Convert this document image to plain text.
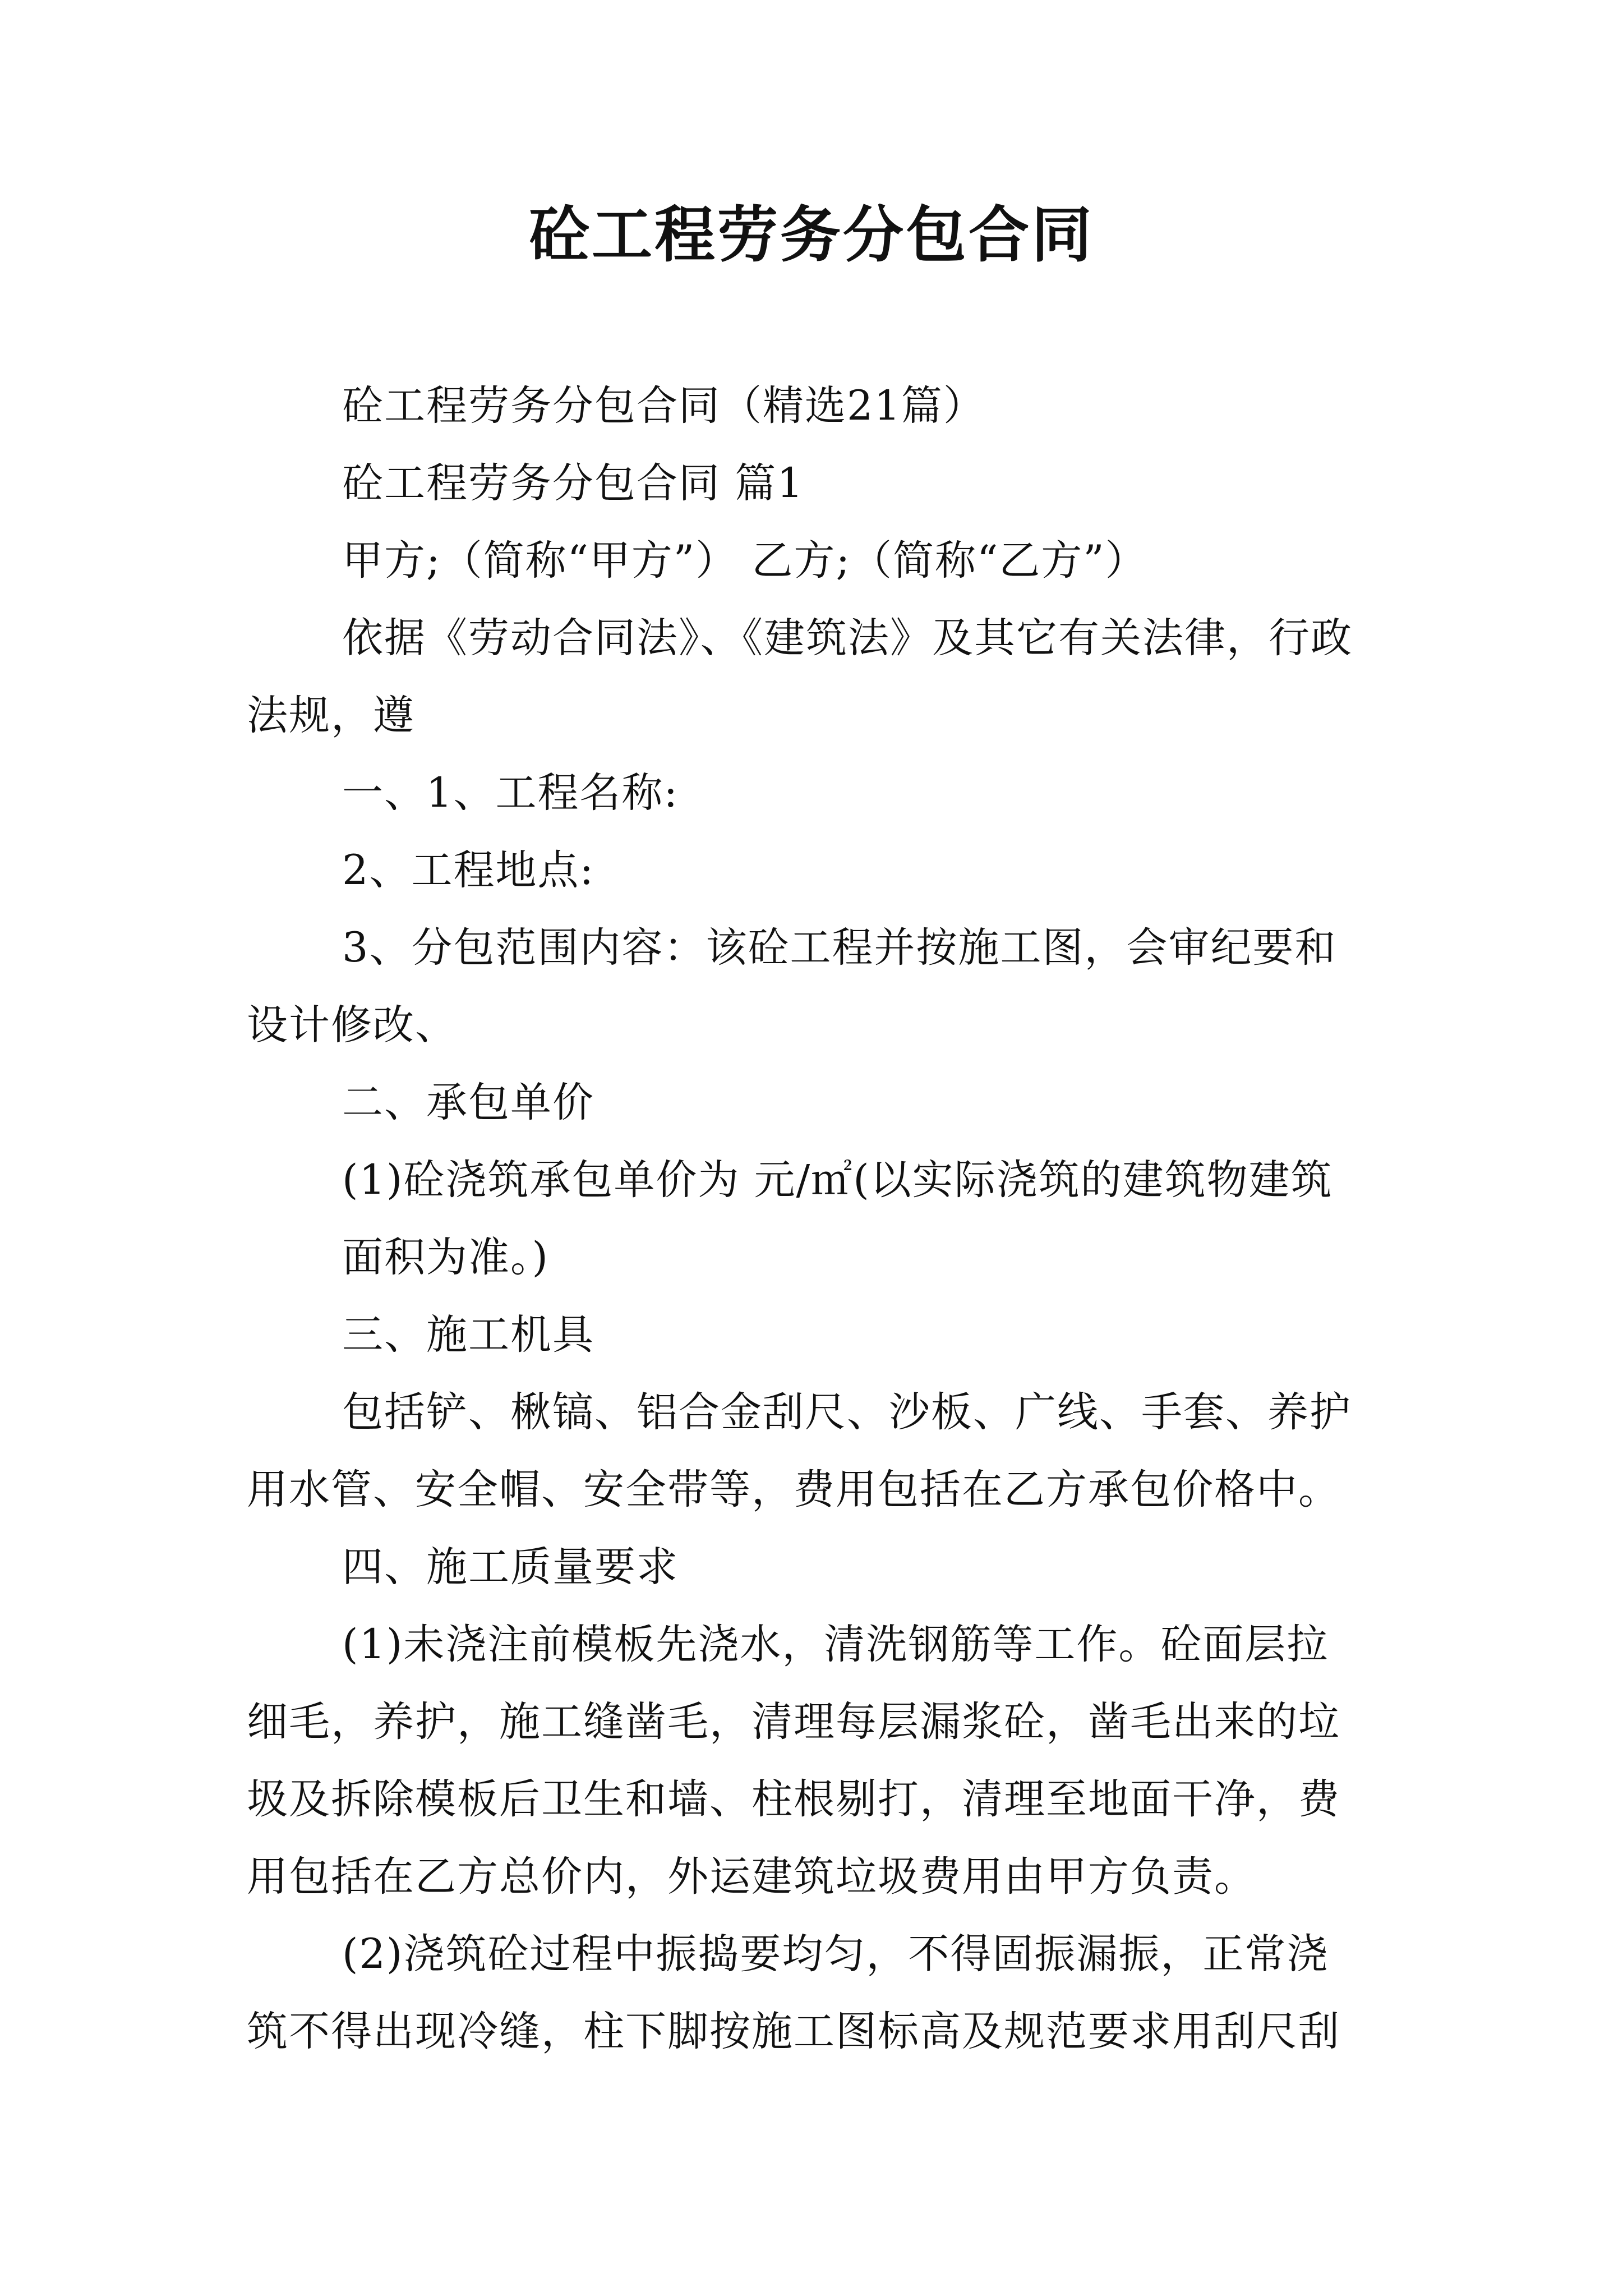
砼工程劳务分包合同

砼工程劳务分包合同（精选21篇）

砼工程劳务分包合同 篇1

甲方;（简称“甲方”） 乙方;（简称“乙方”）

依据《劳动合同法》、《建筑法》及其它有关法律，行政
法规，遵

一、1、工程名称:

2、工程地点:

3、分包范围内容：该砼工程并按施工图，会审纪要和
设计修改、

二、承包单价

(1)砼浇筑承包单价为 元/㎡(以实际浇筑的建筑物建筑

面积为准。)

三、施工机具

包括铲、楸镐、铝合金刮尺、沙板、广线、手套、养护
用水管、安全帽、安全带等，费用包括在乙方承包价格中。

四、施工质量要求

(1)未浇注前模板先浇水，清洗钢筋等工作。砼面层拉
细毛，养护，施工缝凿毛，清理每层漏浆砼，凿毛出来的垃
圾及拆除模板后卫生和墙、柱根剔打，清理至地面干净，费
用包括在乙方总价内，外运建筑垃圾费用由甲方负责。

(2)浇筑砼过程中振捣要均匀，不得固振漏振，正常浇
筑不得出现冷缝，柱下脚按施工图标高及规范要求用刮尺刮
